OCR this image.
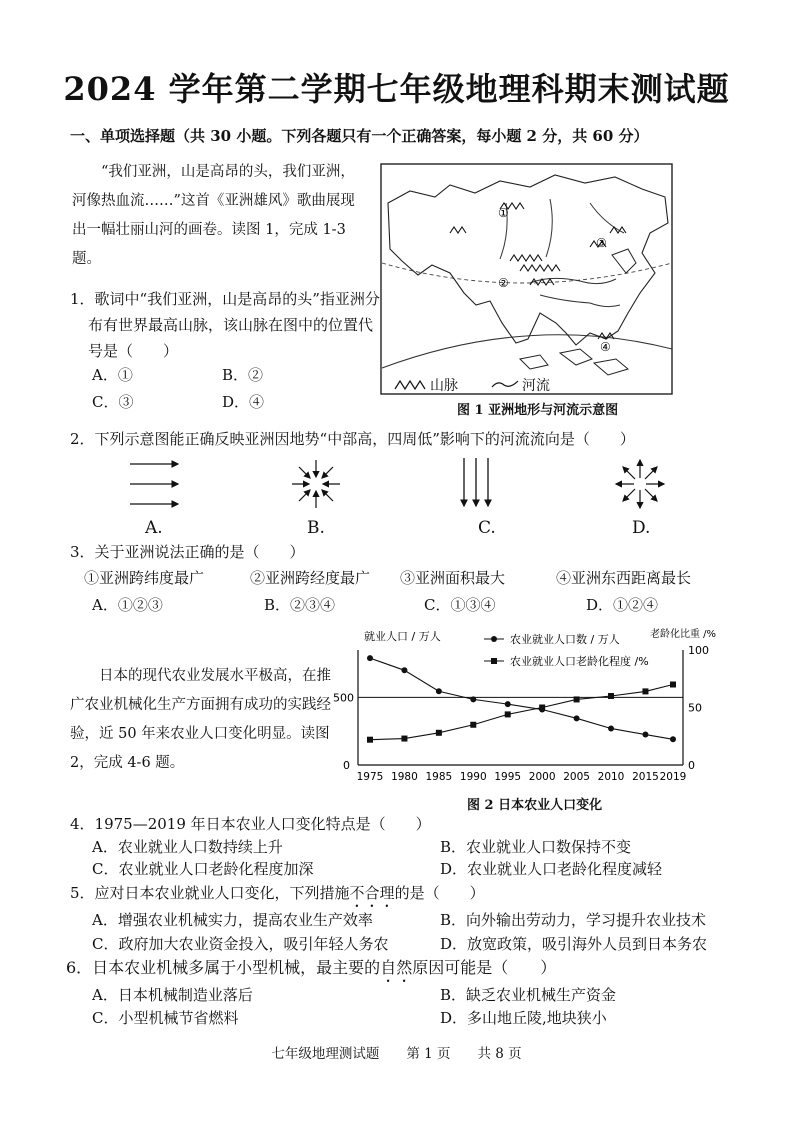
2024 学年第二学期七年级地理科期末测试题
一、单项选择题（共 30 小题。下列各题只有一个正确答案，每小题 2 分，共 60 分）
“我们亚洲，山是高昂的头，我们亚洲，河像热血流……”这首《亚洲雄风》歌曲展现出一幅壮丽山河的画卷。读图 1，完成 1-3 题。
1．歌词中“我们亚洲，山是高昂的头”指亚洲分布有世界最高山脉，该山脉在图中的位置代号是（　　）
A．①	B．②
C．③	D．④
①
②
③
④
山脉	河流
图 1 亚洲地形与河流示意图
2．下列示意图能正确反映亚洲因地势“中部高，四周低”影响下的河流流向是（　　）
A.	B.	C.	D.
3．关于亚洲说法正确的是（　　）
①亚洲跨纬度最广	②亚洲跨经度最广 ③亚洲面积最大	④亚洲东西距离最长
A．①②③	B．②③④	C．①③④	D．①②④
日本的现代农业发展水平极高，在推广农业机械化生产方面拥有成功的实践经验，近 50 年来农业人口变化明显。读图 2，完成 4-6 题。
就业人口 / 万人	老龄化比重 /%
0
500
0
50
100
1975 1980 1985 1990 1995 2000 2005 2010 2015 2019
农业就业人口数 / 万人
农业就业人口老龄化程度 /%
图 2 日本农业人口变化
4．1975—2019 年日本农业人口变化特点是（　　）
A．农业就业人口数持续上升	B．农业就业人口数保持不变
C．农业就业人口老龄化程度加深	D．农业就业人口老龄化程度减轻
5．应对日本农业就业人口变化，下列措施不合理的是（　　）
A．增强农业机械实力，提高农业生产效率	B．向外输出劳动力，学习提升农业技术
C．政府加大农业资金投入，吸引年轻人务农	D．放宽政策，吸引海外人员到日本务农
6．日本农业机械多属于小型机械，最主要的自然原因可能是（　　）
A．日本机械制造业落后	B．缺乏农业机械生产资金
C．小型机械节省燃料	D．多山地丘陵,地块狭小
七年级地理测试题　　第 1 页　　共 8 页
